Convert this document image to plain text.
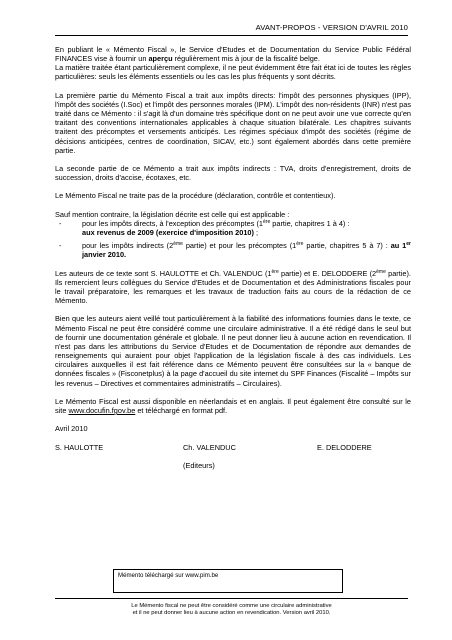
AVANT-PROPOS - VERSION D'AVRIL 2010

En publiant le « Mémento Fiscal », le Service d'Etudes et de Documentation du Service Public Fédéral FINANCES vise à fournir un aperçu régulièrement mis à jour de la fiscalité belge.
La matière traitée étant particulièrement complexe, il ne peut évidemment être fait état ici de toutes les règles particulières: seuls les éléments essentiels ou les cas les plus fréquents y sont décrits.

La première partie du Mémento Fiscal a trait aux impôts directs: l'impôt des personnes physiques (IPP), l'impôt des sociétés (I.Soc) et l'impôt des personnes morales (IPM). L'impôt des non-résidents (INR) n'est pas traité dans ce Mémento : il s'agit là d'un domaine très spécifique dont on ne peut avoir une vue correcte qu'en traitant des conventions internationales applicables à chaque situation bilatérale. Les chapitres suivants traitent des précomptes et versements anticipés. Les régimes spéciaux d'impôt des sociétés (régime de décisions anticipées, centres de coordination, SICAV, etc.) sont également abordés dans cette première partie.

La seconde partie de ce Mémento a trait aux impôts indirects : TVA, droits d'enregistrement, droits de succession, droits d'accise, écotaxes, etc.

Le Mémento Fiscal ne traite pas de la procédure (déclaration, contrôle et contentieux).

Sauf mention contraire, la législation décrite est celle qui est applicable :

-	pour les impôts directs, à l'exception des précomptes (1ère partie, chapitres 1 à 4) :
aux revenus de 2009 (exercice d'imposition 2010) ;
-	pour les impôts indirects (2ème partie) et pour les précomptes (1ère partie, chapitres 5 à 7) : au 1er janvier 2010.

Les auteurs de ce texte sont S. HAULOTTE et Ch. VALENDUC (1ère partie) et E. DELODDERE (2ème partie). Ils remercient leurs collègues du Service d'Etudes et de Documentation et des Administrations fiscales pour le travail préparatoire, les remarques et les travaux de traduction faits au cours de la rédaction de ce Mémento.

Bien que les auteurs aient veillé tout particulièrement à la fiabilité des informations fournies dans le texte, ce Mémento Fiscal ne peut être considéré comme une circulaire administrative. Il a été rédigé dans le seul but de fournir une documentation générale et globale. Il ne peut donner lieu à aucune action en revendication. Il n'est pas dans les attributions du Service d'Etudes et de Documentation de répondre aux demandes de renseignements qui auraient pour objet l'application de la législation fiscale à des cas individuels. Les circulaires auxquelles il est fait référence dans ce Mémento peuvent être consultées sur la « banque de données fiscales » (Fisconetplus) à la page d'accueil du site internet du SPF Finances (Fiscalité – Impôts sur les revenus – Directives et commentaires administratifs – Circulaires).

Le Mémento Fiscal est aussi disponible en néerlandais et en anglais. Il peut également être consulté sur le site www.docufin.fgov.be et téléchargé en format pdf.

Avril 2010

S. HAULOTTE	Ch. VALENDUC	E. DELODDERE
(Editeurs)
Mémento téléchargé sur www.pim.be
Le Mémento fiscal ne peut être considéré comme une circulaire administrative
et il ne peut donner lieu à aucune action en revendication. Version avril 2010.
